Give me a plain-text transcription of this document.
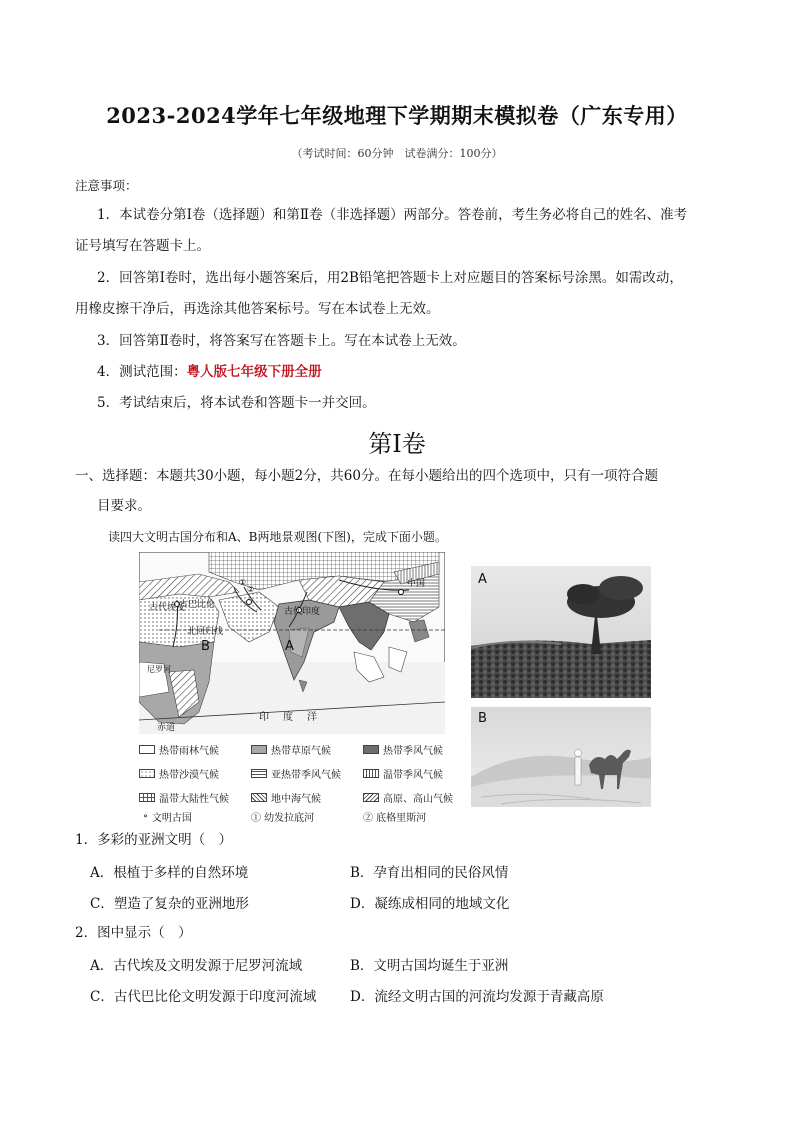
2023-2024学年七年级地理下学期期末模拟卷（广东专用）
（考试时间：60分钟　试卷满分：100分）
注意事项：
1．本试卷分第Ⅰ卷（选择题）和第Ⅱ卷（非选择题）两部分。答卷前，考生务必将自己的姓名、准考
证号填写在答题卡上。
2．回答第Ⅰ卷时，选出每小题答案后，用2B铅笔把答题卡上对应题目的答案标号涂黑。如需改动，
用橡皮擦干净后，再选涂其他答案标号。写在本试卷上无效。
3．回答第Ⅱ卷时，将答案写在答题卡上。写在本试卷上无效。
4．测试范围：粤人版七年级下册全册
5．考试结束后，将本试卷和答题卡一并交回。
第Ⅰ卷
一、选择题：本题共30小题，每小题2分，共60分。在每小题给出的四个选项中，只有一项符合题
目要求。
读四大文明古国分布和A、B两地景观图(下图)，完成下面小题。
古代埃及
古巴比伦
北回归线
尼罗河
古代印度
中国
A
B
赤道
印度洋
①
②
热带雨林气候	热带草原气候	热带季风气候
热带沙漠气候	亚热带季风气候	温带季风气候
温带大陆性气候	地中海气候	高原、高山气候
∘ 文明古国	① 幼发拉底河	② 底格里斯河
A
B
1．多彩的亚洲文明（　）
A．根植于多样的自然环境	B．孕育出相同的民俗风情
C．塑造了复杂的亚洲地形	D．凝练成相同的地域文化
2．图中显示（　）
A．古代埃及文明发源于尼罗河流域	B．文明古国均诞生于亚洲
C．古代巴比伦文明发源于印度河流域 D．流经文明古国的河流均发源于青藏高原
